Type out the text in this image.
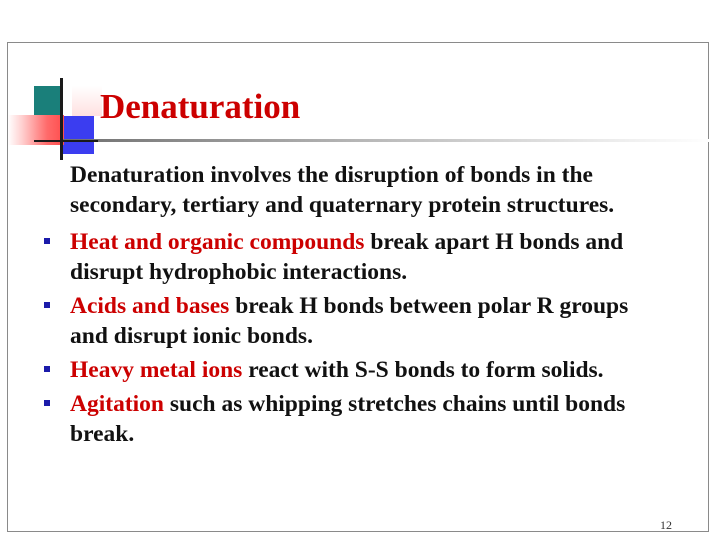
Denaturation

Denaturation involves the disruption of bonds in the secondary, tertiary and quaternary protein structures.

Heat and organic compounds break apart H bonds and disrupt hydrophobic interactions.
Acids and bases break H bonds between polar R groups and disrupt ionic bonds.
Heavy metal ions react with S-S bonds to form solids.
Agitation such as whipping stretches chains until bonds break.
12
